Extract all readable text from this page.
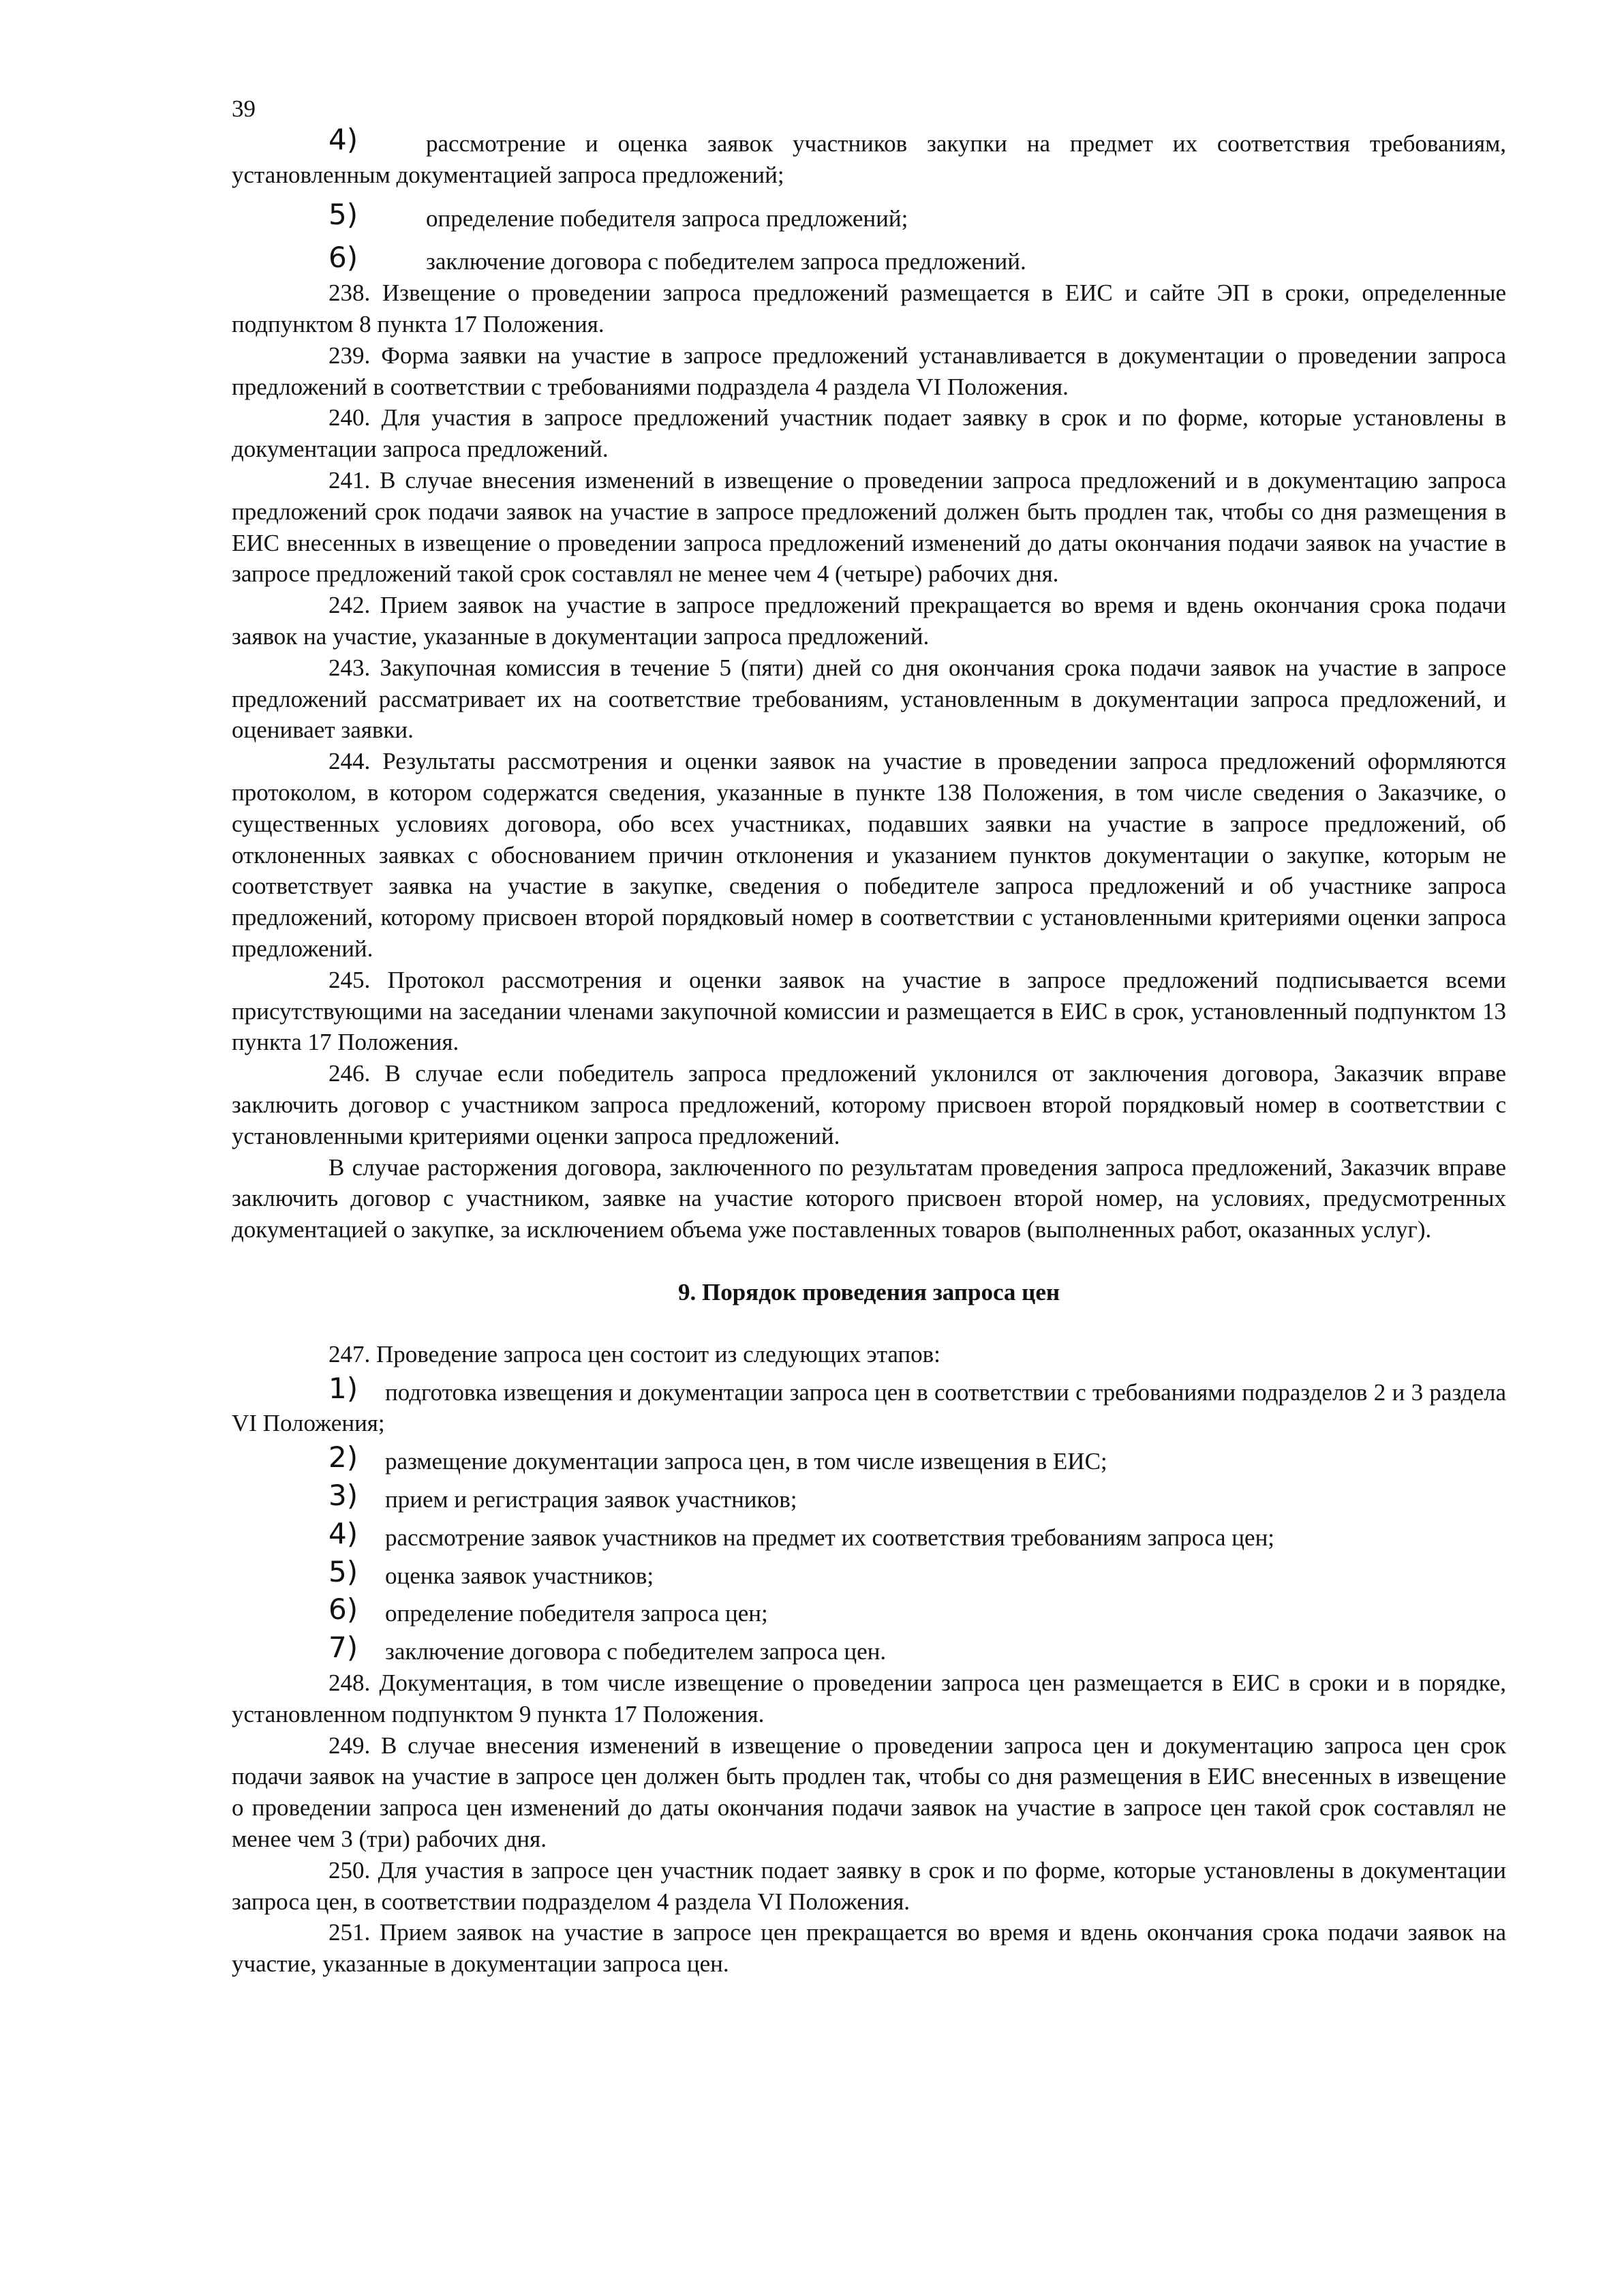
39
4)	рассмотрение и оценка заявок участников закупки на предмет их соответствия требованиям, установленным документацией запроса предложений;
5)	определение победителя запроса предложений;
6)	заключение договора с победителем запроса предложений.

238. Извещение о проведении запроса предложений размещается в ЕИС и сайте ЭП в сроки, определенные подпунктом 8 пункта 17 Положения.

239. Форма заявки на участие в запросе предложений устанавливается в документации о проведении запроса предложений в соответствии с требованиями подраздела 4 раздела VI Положения.

240. Для участия в запросе предложений участник подает заявку в срок и по форме, которые установлены в документации запроса предложений.

241. В случае внесения изменений в извещение о проведении запроса предложений и в документацию запроса предложений срок подачи заявок на участие в запросе предложений должен быть продлен так, чтобы со дня размещения в ЕИС внесенных в извещение о проведении запроса предложений изменений до даты окончания подачи заявок на участие в запросе предложений такой срок составлял не менее чем 4 (четыре) рабочих дня.

242. Прием заявок на участие в запросе предложений прекращается во время и вдень окончания срока подачи заявок на участие, указанные в документации запроса предложений.

243. Закупочная комиссия в течение 5 (пяти) дней со дня окончания срока подачи заявок на участие в запросе предложений рассматривает их на соответствие требованиям, установленным в документации запроса предложений, и оценивает заявки.

244. Результаты рассмотрения и оценки заявок на участие в проведении запроса предложений оформляются протоколом, в котором содержатся сведения, указанные в пункте 138 Положения, в том числе сведения о Заказчике, о существенных условиях договора, обо всех участниках, подавших заявки на участие в запросе предложений, об отклоненных заявках с обоснованием причин отклонения и указанием пунктов документации о закупке, которым не соответствует заявка на участие в закупке, сведения о победителе запроса предложений и об участнике запроса предложений, которому присвоен второй порядковый номер в соответствии с установленными критериями оценки запроса предложений.

245. Протокол рассмотрения и оценки заявок на участие в запросе предложений подписывается всеми присутствующими на заседании членами закупочной комиссии и размещается в ЕИС в срок, установленный подпунктом 13 пункта 17 Положения.

246. В случае если победитель запроса предложений уклонился от заключения договора, Заказчик вправе заключить договор с участником запроса предложений, которому присвоен второй порядковый номер в соответствии с установленными критериями оценки запроса предложений.

В случае расторжения договора, заключенного по результатам проведения запроса предложений, Заказчик вправе заключить договор с участником, заявке на участие которого присвоен второй номер, на условиях, предусмотренных документацией о закупке, за исключением объема уже поставленных товаров (выполненных работ, оказанных услуг).

9. Порядок проведения запроса цен

247. Проведение запроса цен состоит из следующих этапов:

1) подготовка извещения и документации запроса цен в соответствии с требованиями подразделов 2 и 3 раздела VI Положения;
2) размещение документации запроса цен, в том числе извещения в ЕИС;
3) прием и регистрация заявок участников;
4) рассмотрение заявок участников на предмет их соответствия требованиям запроса цен;
5) оценка заявок участников;
6) определение победителя запроса цен;
7) заключение договора с победителем запроса цен.

248. Документация, в том числе извещение о проведении запроса цен размещается в ЕИС в сроки и в порядке, установленном подпунктом 9 пункта 17 Положения.

249. В случае внесения изменений в извещение о проведении запроса цен и документацию запроса цен срок подачи заявок на участие в запросе цен должен быть продлен так, чтобы со дня размещения в ЕИС внесенных в извещение о проведении запроса цен изменений до даты окончания подачи заявок на участие в запросе цен такой срок составлял не менее чем 3 (три) рабочих дня.

250. Для участия в запросе цен участник подает заявку в срок и по форме, которые установлены в документации запроса цен, в соответствии подразделом 4 раздела VI Положения.

251. Прием заявок на участие в запросе цен прекращается во время и вдень окончания срока подачи заявок на участие, указанные в документации запроса цен.
